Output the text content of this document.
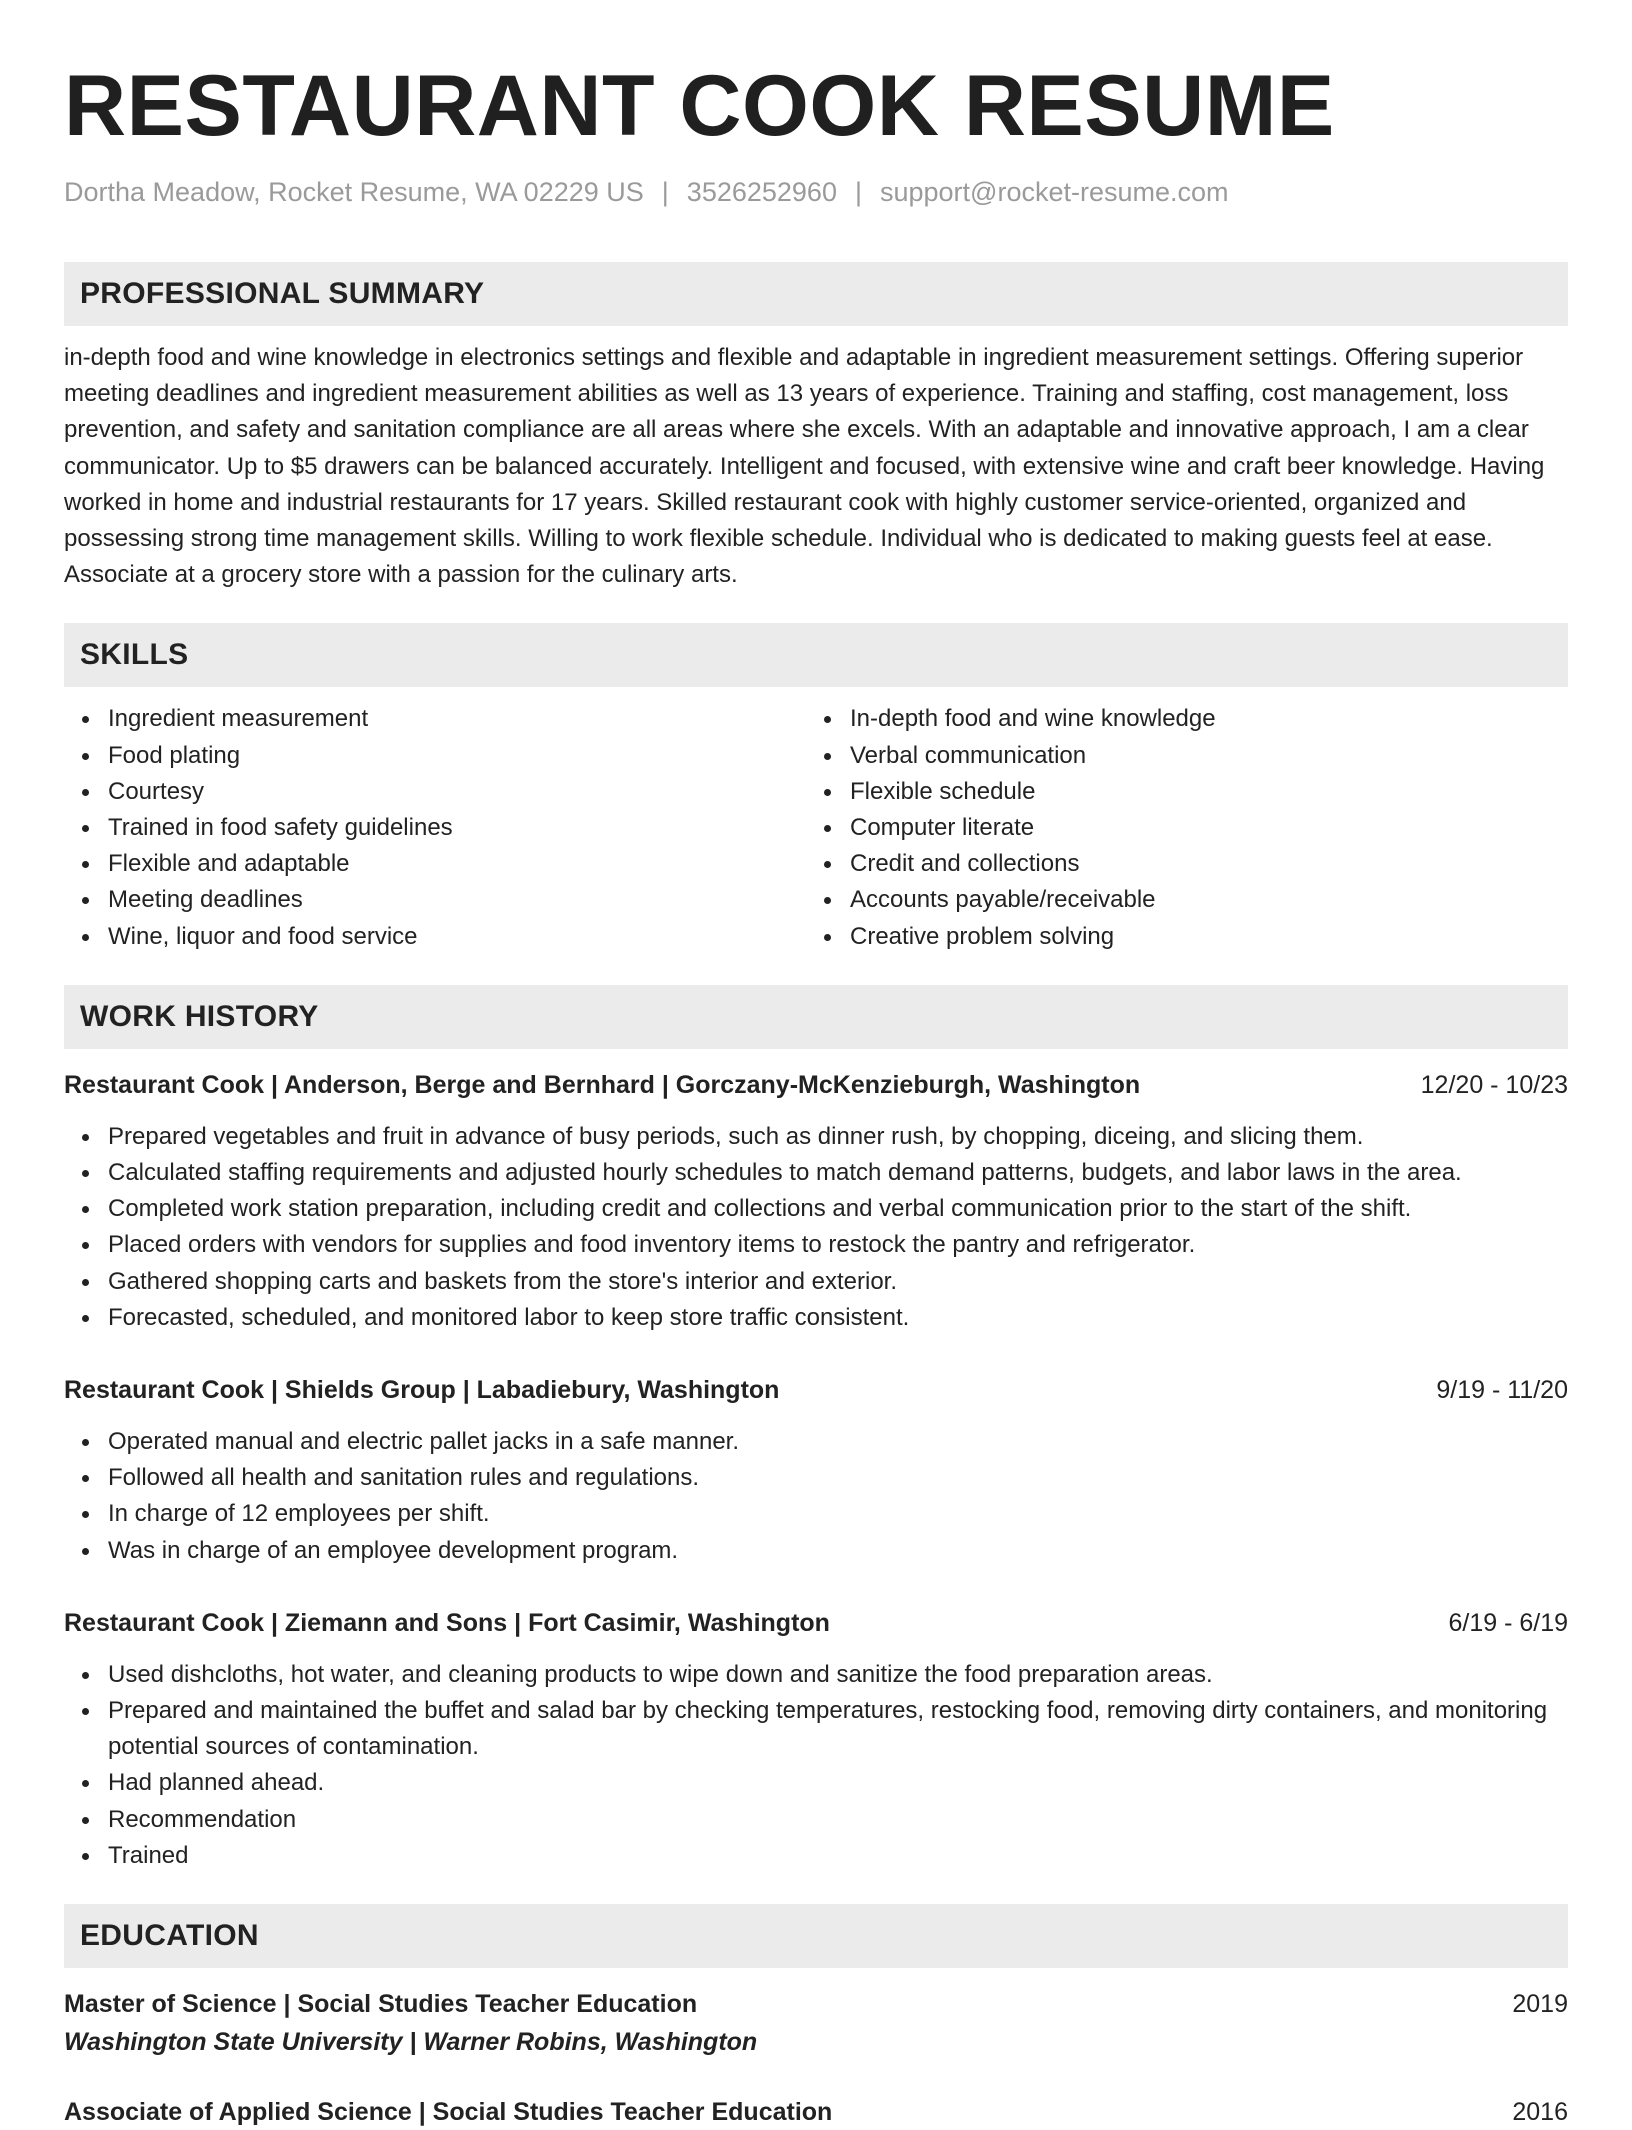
RESTAURANT COOK RESUME
Dortha Meadow, Rocket Resume, WA 02229 US | 3526252960 | support@rocket-resume.com
PROFESSIONAL SUMMARY
in-depth food and wine knowledge in electronics settings and flexible and adaptable in ingredient measurement settings. Offering superior meeting deadlines and ingredient measurement abilities as well as 13 years of experience. Training and staffing, cost management, loss prevention, and safety and sanitation compliance are all areas where she excels. With an adaptable and innovative approach, I am a clear communicator. Up to $5 drawers can be balanced accurately. Intelligent and focused, with extensive wine and craft beer knowledge. Having worked in home and industrial restaurants for 17 years. Skilled restaurant cook with highly customer service-oriented, organized and possessing strong time management skills. Willing to work flexible schedule. Individual who is dedicated to making guests feel at ease. Associate at a grocery store with a passion for the culinary arts.
SKILLS
Ingredient measurement
Food plating
Courtesy
Trained in food safety guidelines
Flexible and adaptable
Meeting deadlines
Wine, liquor and food service
In-depth food and wine knowledge
Verbal communication
Flexible schedule
Computer literate
Credit and collections
Accounts payable/receivable
Creative problem solving
WORK HISTORY
Restaurant Cook | Anderson, Berge and Bernhard | Gorczany-McKenzieburgh, Washington	12/20 - 10/23
Prepared vegetables and fruit in advance of busy periods, such as dinner rush, by chopping, diceing, and slicing them.
Calculated staffing requirements and adjusted hourly schedules to match demand patterns, budgets, and labor laws in the area.
Completed work station preparation, including credit and collections and verbal communication prior to the start of the shift.
Placed orders with vendors for supplies and food inventory items to restock the pantry and refrigerator.
Gathered shopping carts and baskets from the store's interior and exterior.
Forecasted, scheduled, and monitored labor to keep store traffic consistent.
Restaurant Cook | Shields Group | Labadiebury, Washington	9/19 - 11/20
Operated manual and electric pallet jacks in a safe manner.
Followed all health and sanitation rules and regulations.
In charge of 12 employees per shift.
Was in charge of an employee development program.
Restaurant Cook | Ziemann and Sons | Fort Casimir, Washington	6/19 - 6/19
Used dishcloths, hot water, and cleaning products to wipe down and sanitize the food preparation areas.
Prepared and maintained the buffet and salad bar by checking temperatures, restocking food, removing dirty containers, and monitoring potential sources of contamination.
Had planned ahead.
Recommendation
Trained
EDUCATION
Master of Science | Social Studies Teacher Education	2019
Washington State University | Warner Robins, Washington
Associate of Applied Science | Social Studies Teacher Education	2016
